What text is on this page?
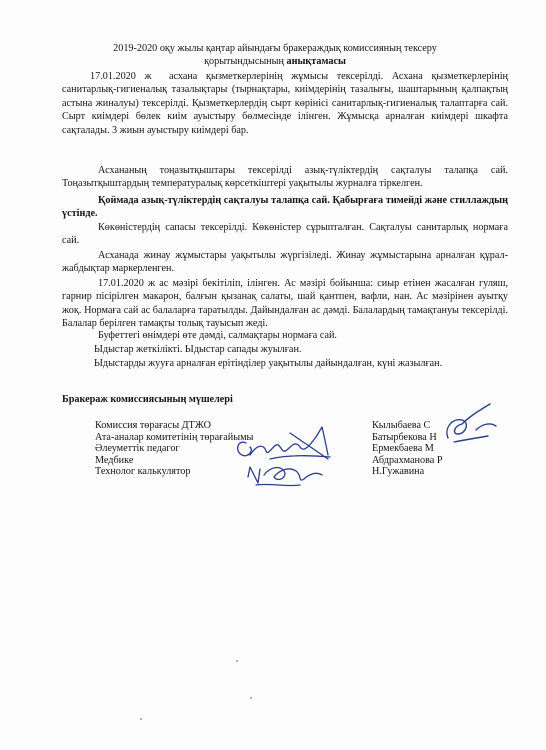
2019-2020 оқу жылы қаңтар айындағы бракераждық комиссияның тексеру
қорытындысының анықтамасы
17.01.2020 ж асхана қызметкерлерінің жұмысы тексерілді. Асхана қызметкерлерінің санитарлық-гигиеналық тазалықтары (тырнақтары, киімдерінің тазалығы, шаштарының қалпақтың астына жиналуы) тексерілді. Қызметкерлердің сырт көрінісі санитарлық-гигиеналық талаптарға сай. Сырт киімдері бөлек киім ауыстыру бөлмесінде ілінген. Жұмысқа арналған киімдері шкафта сақталады. 3 жиын ауыстыру киімдері бар.
Асхананың тоңазытқыштары тексерілді азық-түліктердің сақталуы талапқа сай. Тоңазытқыштардың температуралық көрсеткіштері уақытылы журналға тіркелген.
Қоймада азық-түліктердің сақталуы талапқа сай. Қабырғаға тимейді және стиллаждың үстінде.
Көкөністердің сапасы тексерілді. Көкөністер сұрыпталған. Сақталуы санитарлық нормаға сай.
Асханада жинау жұмыстары уақытылы жүргізіледі. Жинау жұмыстарына арналған құрал-жабдықтар маркерленген.
17.01.2020 ж ас мәзірі бекітіліп, ілінген. Ас мәзірі бойынша: сиыр етінен жасалған гуляш, гарнир пісірілген макарон, балғын қызанақ салаты, шай қантпен, вафли, нан. Ас мәзірінен ауытқу жоқ. Нормаға сай ас балаларға таратылды. Дайындалған ас дәмді. Балалардың тамақтануы тексерілді. Балалар берілген тамақты толық тауысып жеді.
Буфеттегі өнімдері өте дәмді, салмақтары нормаға сай.
Ыдыстар жеткілікті. Ыдыстар сапады жуылған.
Ыдыстарды жууға арналған ерітінділер уақытылы дайындалған, күні жазылған.
Бракераж комиссиясының мүшелері
Комиссия төрағасы ДТЖО
Ата-аналар комитетінің төрағайымы
Әлеуметтік педагог
Медбике
Технолог калькулятор
Кылыбаева С
Батырбекова Н
Ермекбаева М
Абдрахманова Р
Н.Гужавина
